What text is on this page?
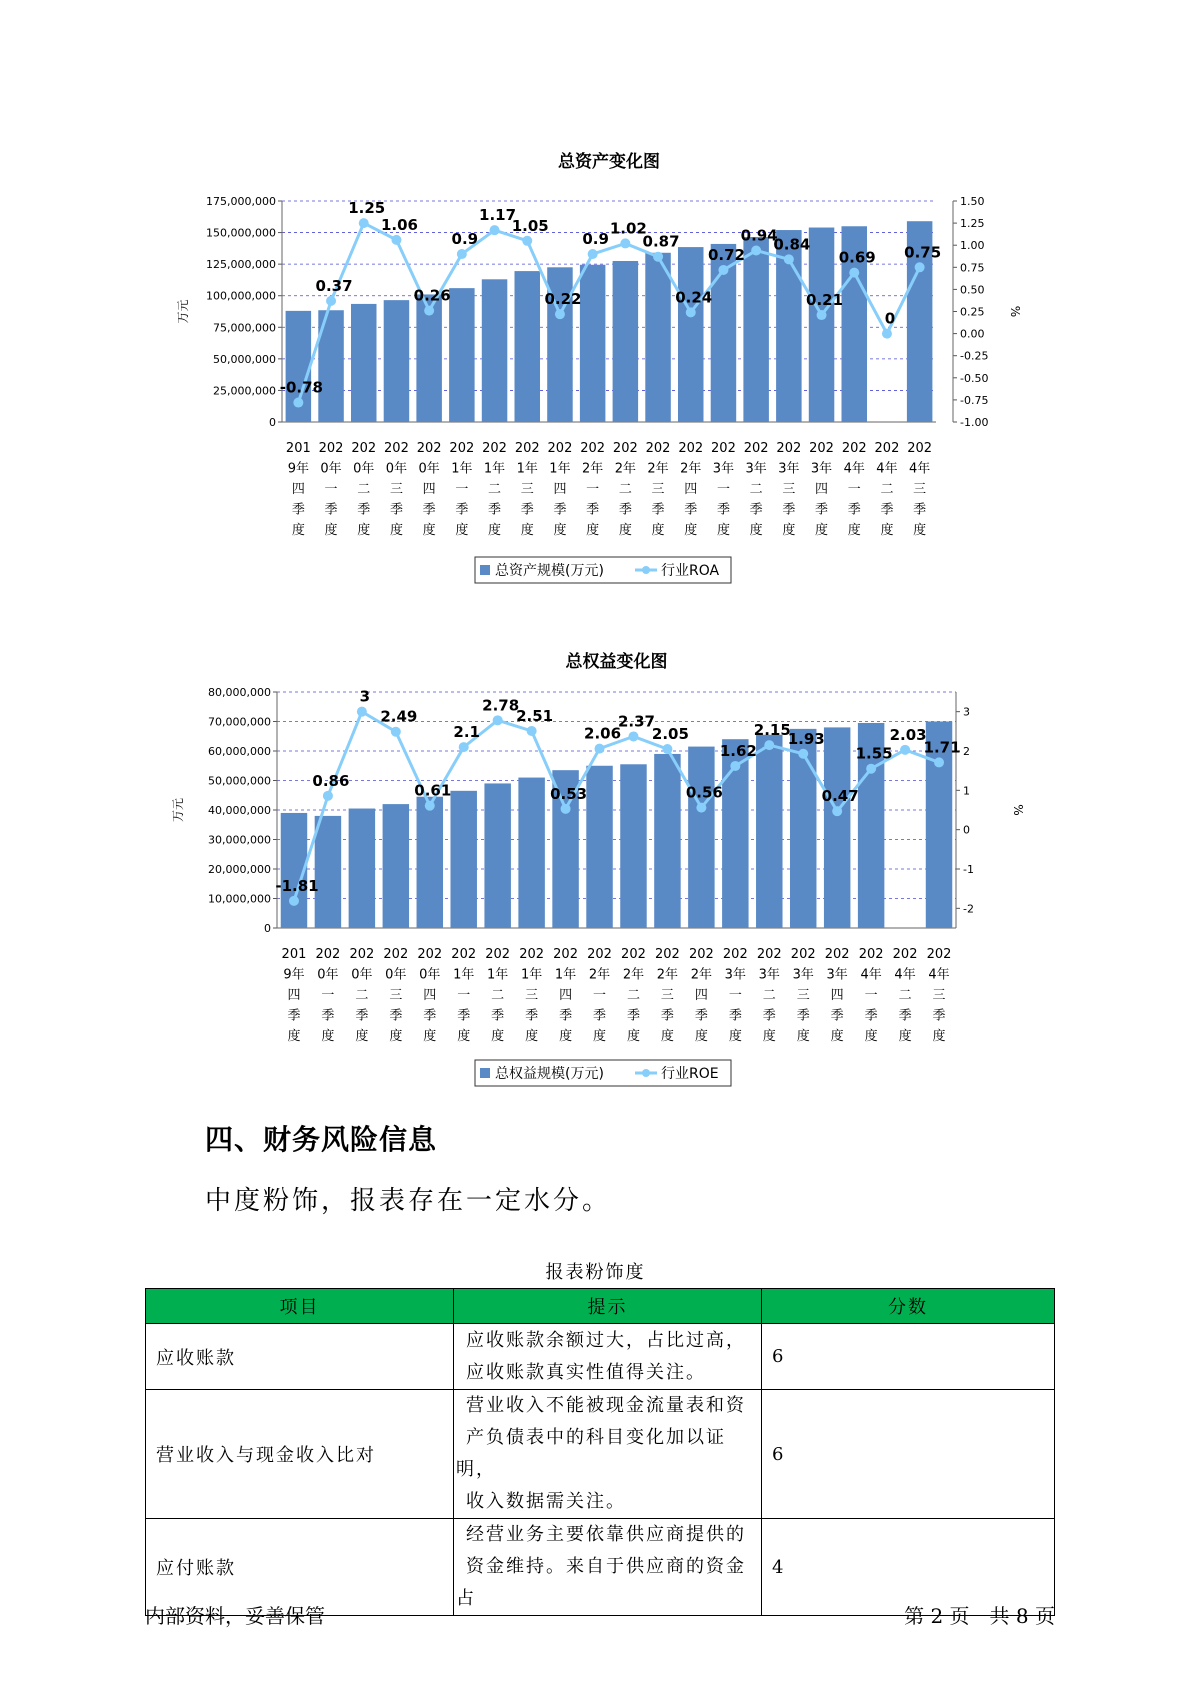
总资产变化图
0
25,000,000
50,000,000
75,000,000
100,000,000
125,000,000
150,000,000
175,000,000
-1.00
-0.75
-0.50
-0.25
0.00
0.25
0.50
0.75
1.00
1.25
1.50
万元	%
-0.78
0.37
1.25
1.06
0.26
0.9
1.17
1.05
0.22
0.9
1.02
0.87
0.24
0.72
0.94
0.84
0.21
0.69
0
0.75
201
9年
四
季
度
202
0年
一
季
度
202
0年
二
季
度
202
0年
三
季
度
202
0年
四
季
度
202
1年
一
季
度
202
1年
二
季
度
202
1年
三
季
度
202
1年
四
季
度
202
2年
一
季
度
202
2年
二
季
度
202
2年
三
季
度
202
2年
四
季
度
202
3年
一
季
度
202
3年
二
季
度
202
3年
三
季
度
202
3年
四
季
度
202
4年
一
季
度
202
4年
二
季
度
202
4年
三
季
度
总资产规模(万元)	行业ROA
总权益变化图
0
10,000,000
20,000,000
30,000,000
40,000,000
50,000,000
60,000,000
70,000,000
80,000,000
-2
-1
0
1
2
3
万元	%
-1.81
0.86
3
2.49
0.61
2.1
2.78
2.51
0.53
2.06
2.37
2.05
0.56
1.62
2.15
1.93
0.47
1.55
2.03
1.71
201
9年
四
季
度
202
0年
一
季
度
202
0年
二
季
度
202
0年
三
季
度
202
0年
四
季
度
202
1年
一
季
度
202
1年
二
季
度
202
1年
三
季
度
202
1年
四
季
度
202
2年
一
季
度
202
2年
二
季
度
202
2年
三
季
度
202
2年
四
季
度
202
3年
一
季
度
202
3年
二
季
度
202
3年
三
季
度
202
3年
四
季
度
202
4年
一
季
度
202
4年
二
季
度
202
4年
三
季
度
总权益规模(万元)	行业ROE
四、财务风险信息
中度粉饰，报表存在一定水分。
报表粉饰度
项目	提示	分数
应收账款	应收账款余额过大，占比过高，
应收账款真实性值得关注。	6
营业收入与现金收入比对	营业收入不能被现金流量表和资
产负债表中的科目变化加以证明，
收入数据需关注。	6
应付账款	经营业务主要依靠供应商提供的
资金维持。来自于供应商的资金占	4
内部资料，妥善保管	第 2 页　共 8 页
